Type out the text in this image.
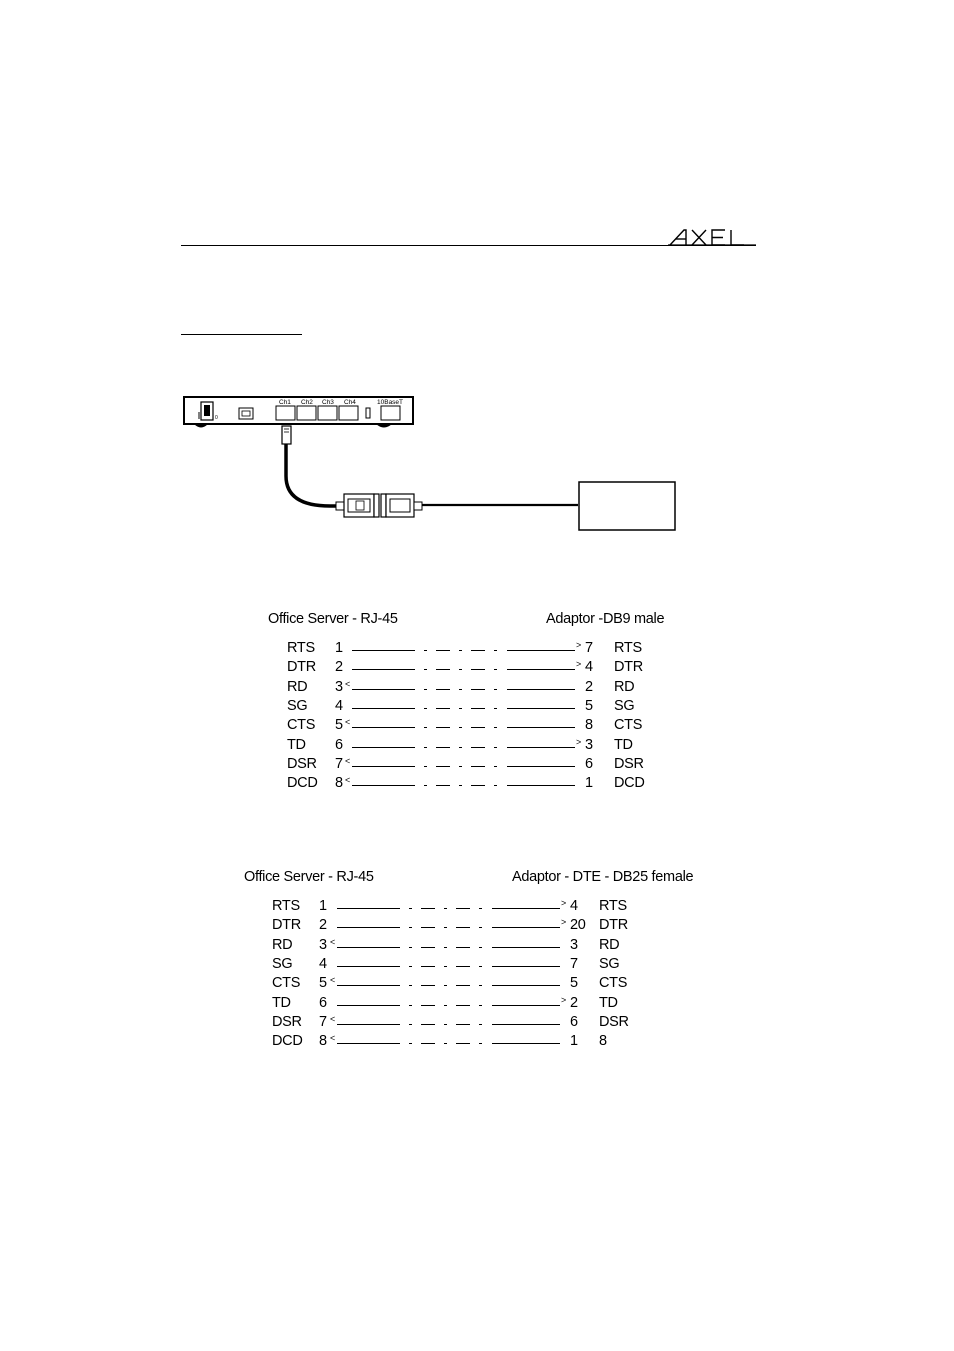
0
Ch1 Ch2 Ch3 Ch4	10BaseT
Office Server - RJ-45	Adaptor -DB9 male
RTS 1	7 RTS
>
DTR 2	4 DTR
>
RD 3	2 RD
<
SG 4	5 SG
CTS 5	8 CTS
<
TD 6	3 TD
>
DSR 7	6 DSR
<
DCD 8	1 DCD
<
Office Server - RJ-45	Adaptor - DTE - DB25 female
RTS 1	4 RTS
>
DTR 2	20 DTR
>
RD 3	3 RD
<
SG 4	7 SG
CTS 5	5 CTS
<
TD 6	2 TD
>
DSR 7	6 DSR
<
DCD 8	1 8
<
